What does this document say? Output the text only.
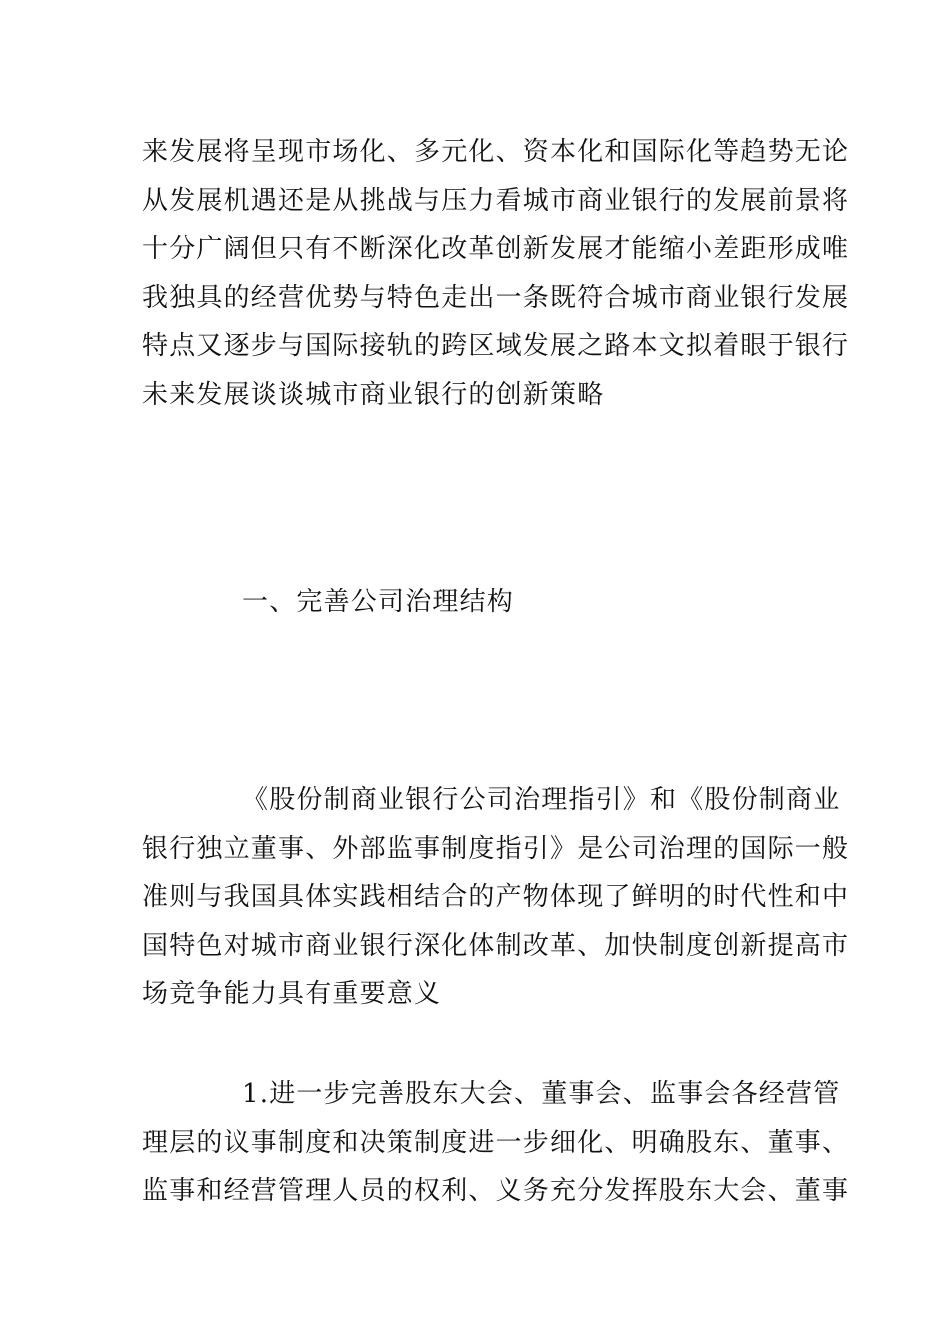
来发展将呈现市场化、多元化、资本化和国际化等趋势无论
从发展机遇还是从挑战与压力看城市商业银行的发展前景将
十分广阔但只有不断深化改革创新发展才能缩小差距形成唯
我独具的经营优势与特色走出一条既符合城市商业银行发展
特点又逐步与国际接轨的跨区域发展之路本文拟着眼于银行
未来发展谈谈城市商业银行的创新策略
一、完善公司治理结构
《股份制商业银行公司治理指引》和《股份制商业
银行独立董事、外部监事制度指引》是公司治理的国际一般
准则与我国具体实践相结合的产物体现了鲜明的时代性和中
国特色对城市商业银行深化体制改革、加快制度创新提高市
场竞争能力具有重要意义
1.进一步完善股东大会、董事会、监事会各经营管
理层的议事制度和决策制度进一步细化、明确股东、董事、
监事和经营管理人员的权利、义务充分发挥股东大会、董事
